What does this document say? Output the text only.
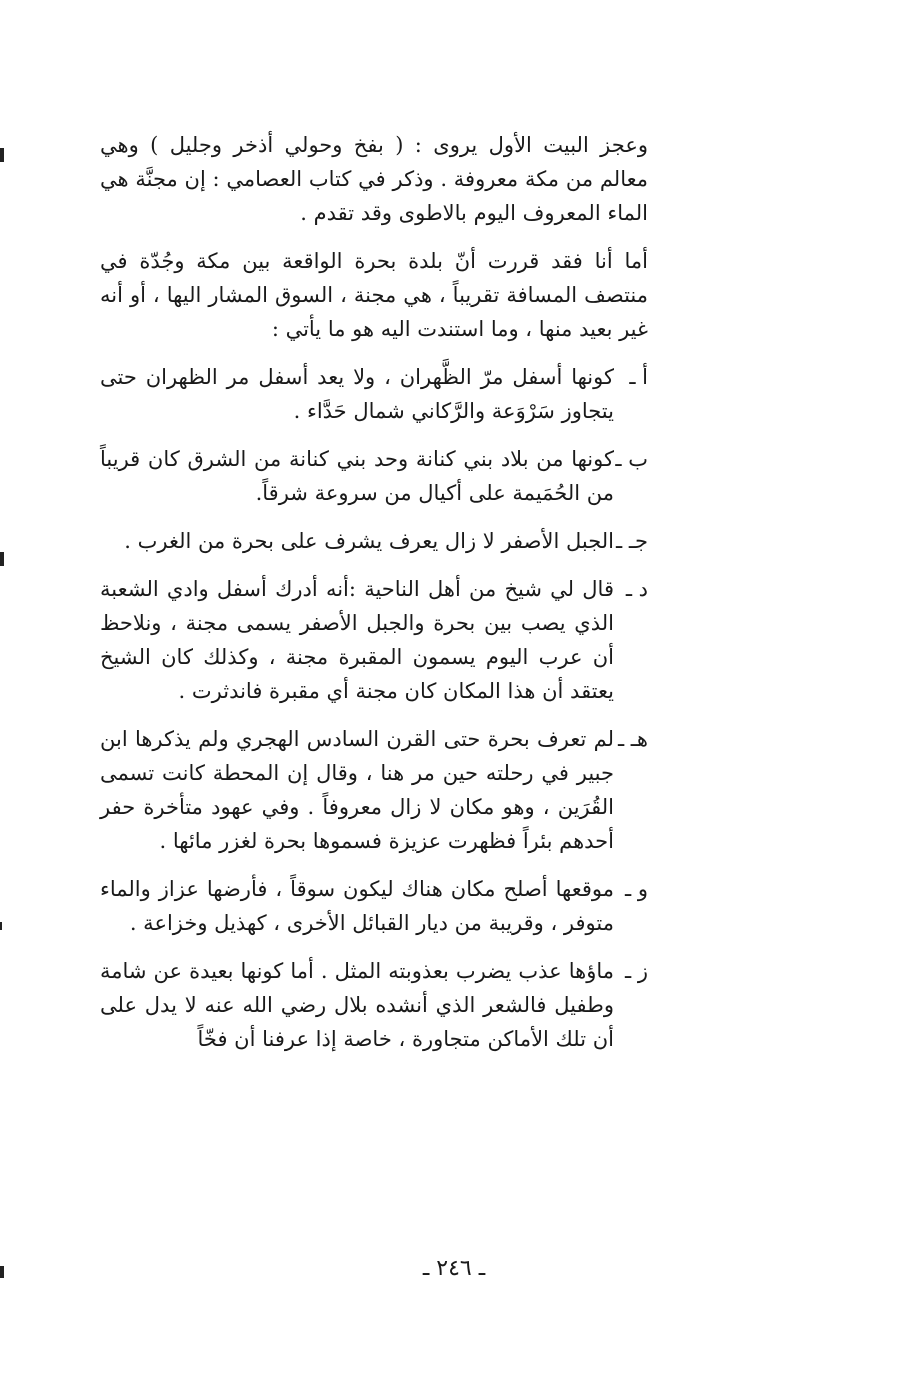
وعجز البيت الأول يروى : ( بفخ وحولي أذخر وجليل ) وهي معالم من مكة معروفة . وذكر في كتاب العصامي : إن مجنَّة هي الماء المعروف اليوم بالاطوى وقد تقدم .

أما أنا فقد قررت أنّ بلدة بحرة الواقعة بين مكة وجُدّة في منتصف المسافة تقريباً ، هي مجنة ، السوق المشار اليها ، أو أنه غير بعيد منها ، وما استندت اليه هو ما يأتي :

أ ـكونها أسفل مرّ الظَّهران ، ولا يعد أسفل مر الظهران حتى يتجاوز سَرْوَعة والرَّكاني شمال حَدَّاء .

ب ـكونها من بلاد بني كنانة وحد بني كنانة من الشرق كان قريباً من الحُمَيمة على أكيال من سروعة شرقاً.

جـ ـالجبل الأصفر لا زال يعرف يشرف على بحرة من الغرب .

د ـقال لي شيخ من أهل الناحية :أنه أدرك أسفل وادي الشعبة الذي يصب بين بحرة والجبل الأصفر يسمى مجنة ، ونلاحظ أن عرب اليوم يسمون المقبرة مجنة ، وكذلك كان الشيخ يعتقد أن هذا المكان كان مجنة أي مقبرة فاندثرت .

هـ ـلم تعرف بحرة حتى القرن السادس الهجري ولم يذكرها ابن جبير في رحلته حين مر هنا ، وقال إن المحطة كانت تسمى القُرَين ، وهو مكان لا زال معروفاً . وفي عهود متأخرة حفر أحدهم بئراً فظهرت عزيزة فسموها بحرة لغزر مائها .

و ـموقعها أصلح مكان هناك ليكون سوقاً ، فأرضها عزاز والماء متوفر ، وقريبة من ديار القبائل الأخرى ، كهذيل وخزاعة .

ز ـماؤها عذب يضرب بعذوبته المثل . أما كونها بعيدة عن شامة وطفيل فالشعر الذي أنشده بلال رضي الله عنه لا يدل على أن تلك الأماكن متجاورة ، خاصة إذا عرفنا أن فخّاً

ـ ٢٤٦ ـ
